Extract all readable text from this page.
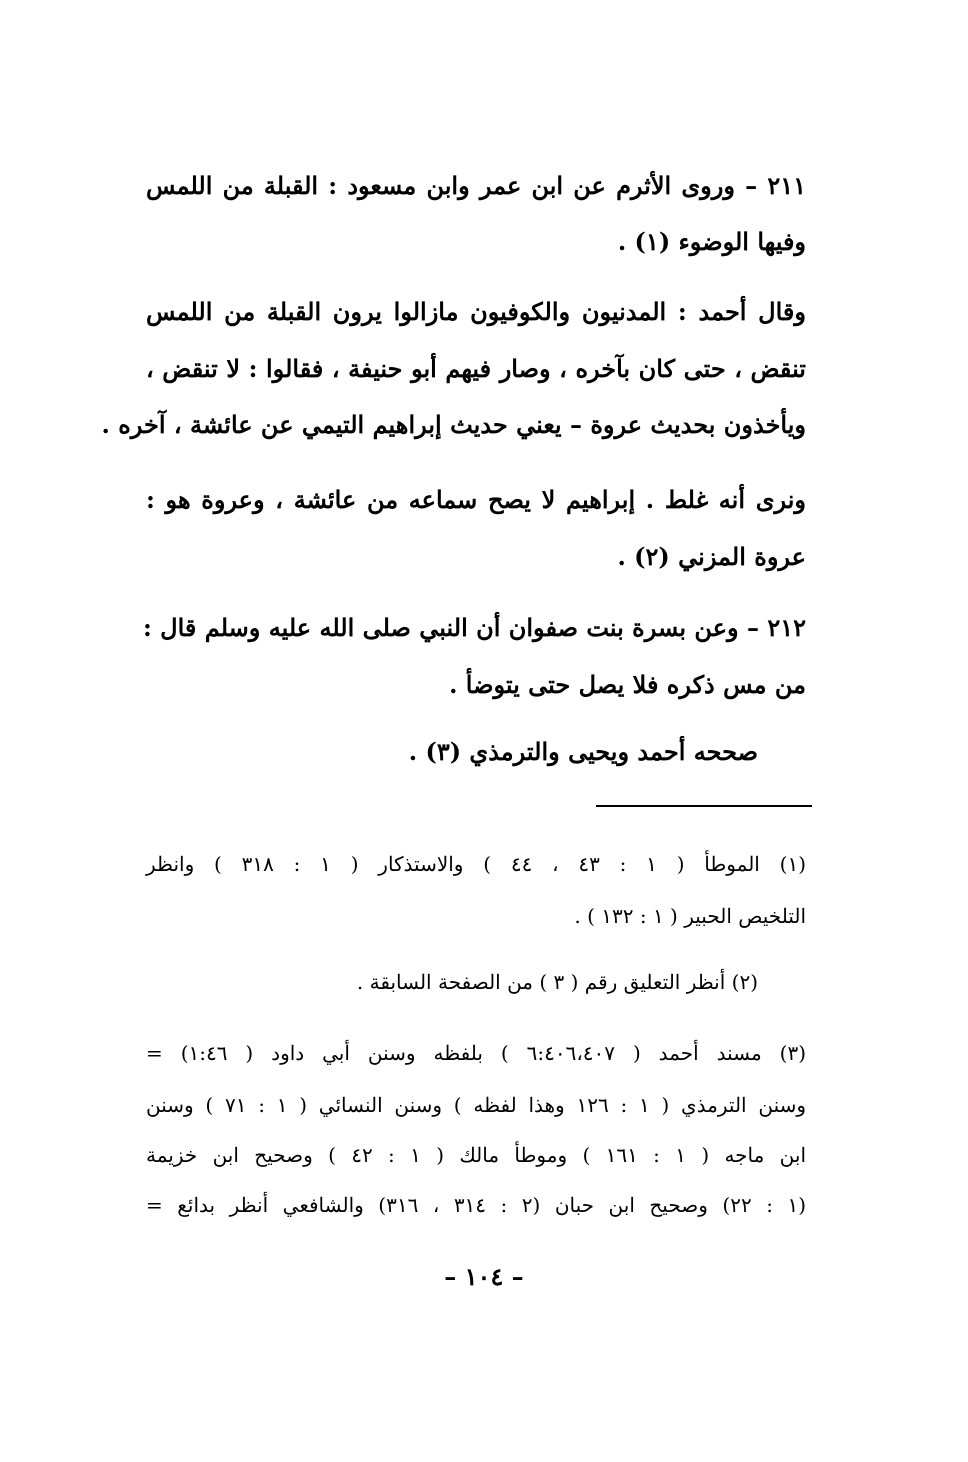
٢١١ – وروى الأثرم عن ابن عمر وابن مسعود : القبلة من اللمس
وفيها الوضوء (١) .
وقال أحمد : المدنيون والكوفيون مازالوا يرون القبلة من اللمس
تنقض ، حتى كان بآخره ، وصار فيهم أبو حنيفة ، فقالوا : لا تنقض ،
ويأخذون بحديث عروة – يعني حديث إبراهيم التيمي عن عائشة ، آخره .
ونرى أنه غلط . إبراهيم لا يصح سماعه من عائشة ، وعروة هو :
عروة المزني (٢) .
٢١٢ – وعن بسرة بنت صفوان أن النبي صلى الله عليه وسلم قال :
من مس ذكره فلا يصل حتى يتوضأ .
صححه أحمد ويحيى والترمذي (٣) .
(١) الموطأ ( ١ : ٤٣ ، ٤٤ ) والاستذكار ( ١ : ٣١٨ ) وانظر
التلخيص الحبير ( ١ : ١٣٢ ) .
(٢) أنظر التعليق رقم ( ٣ ) من الصفحة السابقة .
(٣) مسند أحمد ( ٦:٤٠٦،٤٠٧ ) بلفظه وسنن أبي داود ( ١:٤٦) =
وسنن الترمذي ( ١ : ١٢٦ وهذا لفظه ) وسنن النسائي ( ١ : ٧١ ) وسنن
ابن ماجه ( ١ : ١٦١ ) وموطأ مالك ( ١ : ٤٢ ) وصحيح ابن خزيمة
(١ : ٢٢) وصحيح ابن حبان (٢ : ٣١٤ ، ٣١٦) والشافعي أنظر بدائع =
– ١٠٤ –
